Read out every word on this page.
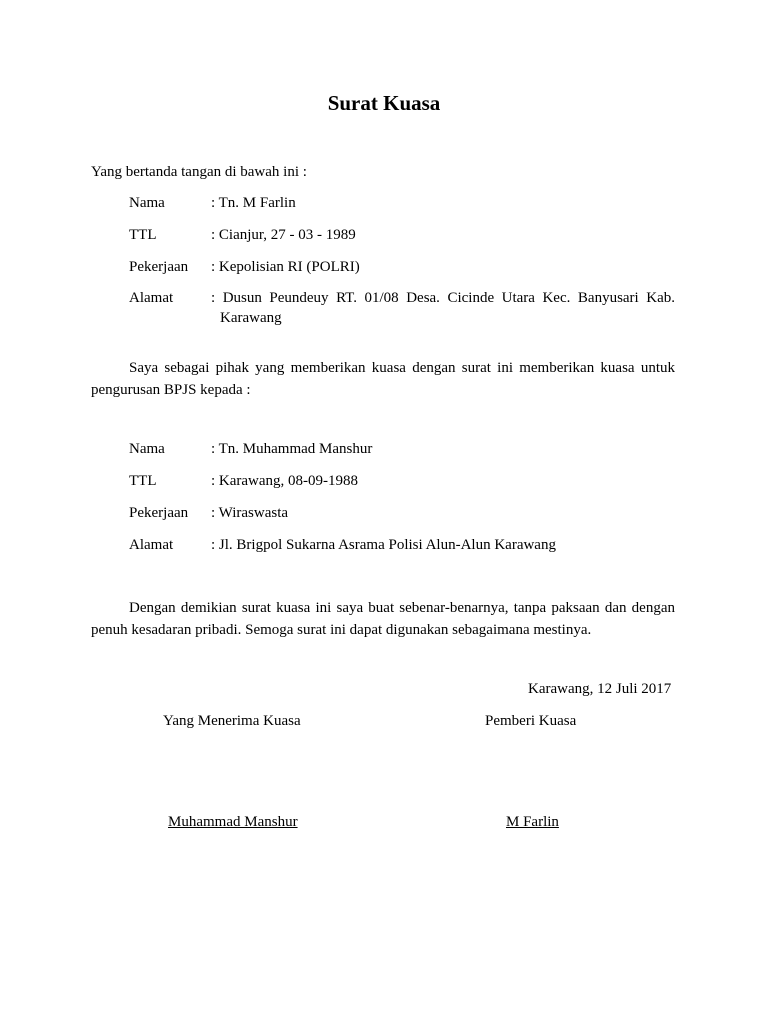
Surat Kuasa
Yang bertanda tangan di bawah ini :
Nama	: Tn. M Farlin
TTL	: Cianjur, 27 - 03 - 1989
Pekerjaan : Kepolisian RI (POLRI)
Alamat	: Dusun Peundeuy RT. 01/08 Desa. Cicinde Utara Kec. Banyusari Kab.
Karawang
Saya sebagai pihak yang memberikan kuasa dengan surat ini memberikan kuasa untuk pengurusan BPJS kepada :
Nama	: Tn. Muhammad Manshur
TTL	: Karawang, 08-09-1988
Pekerjaan : Wiraswasta
Alamat	: Jl. Brigpol Sukarna Asrama Polisi Alun-Alun Karawang
Dengan demikian surat kuasa ini saya buat sebenar-benarnya, tanpa paksaan dan dengan penuh kesadaran pribadi. Semoga surat ini dapat digunakan sebagaimana mestinya.
Karawang, 12 Juli 2017
Yang Menerima Kuasa	Pemberi Kuasa
Muhammad Manshur	M Farlin
